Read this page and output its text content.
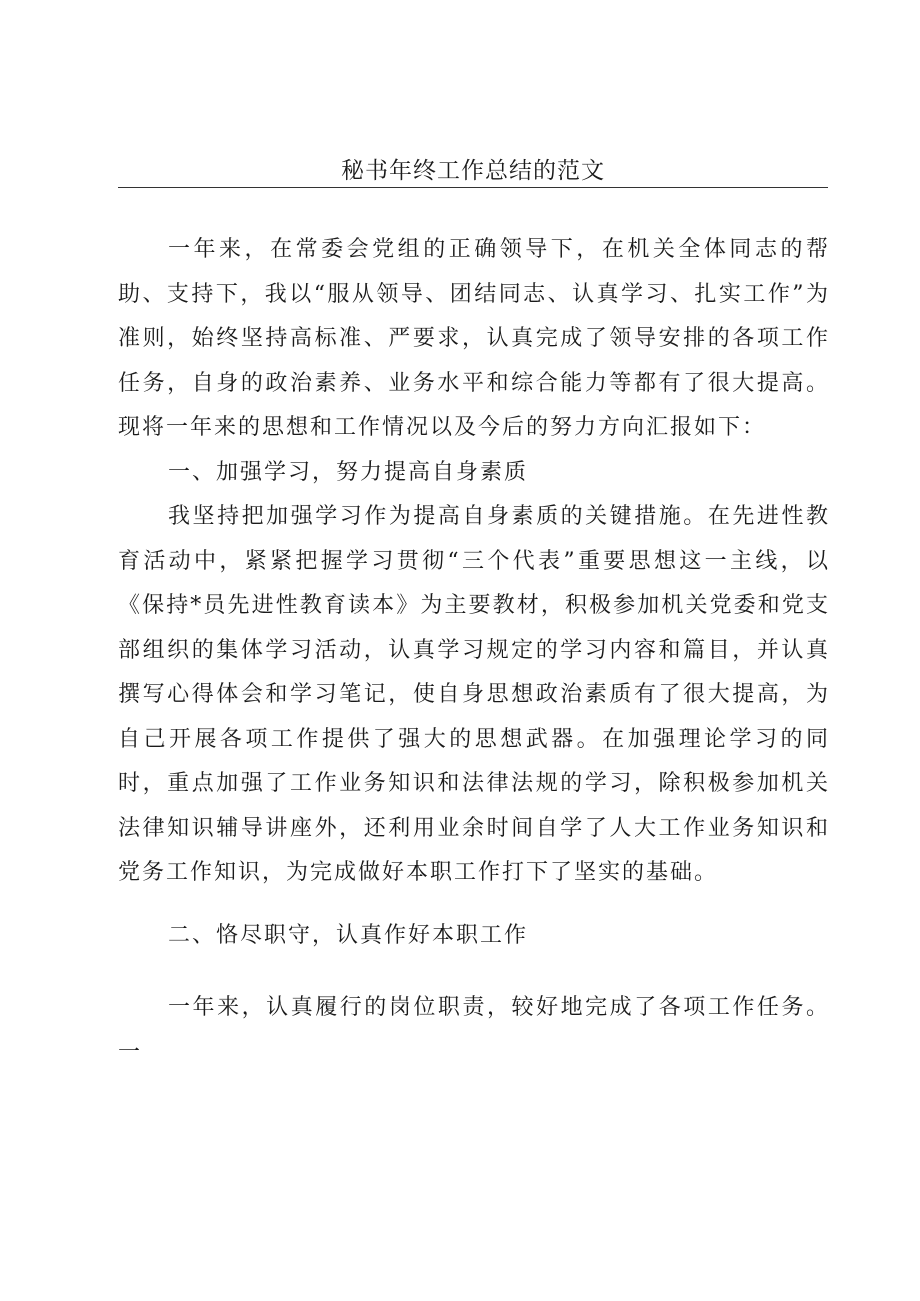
秘书年终工作总结的范文

一年来，在常委会党组的正确领导下，在机关全体同志的帮助、支持下，我以“服从领导、团结同志、认真学习、扎实工作”为准则，始终坚持高标准、严要求，认真完成了领导安排的各项工作任务，自身的政治素养、业务水平和综合能力等都有了很大提高。现将一年来的思想和工作情况以及今后的努力方向汇报如下：

一、加强学习，努力提高自身素质

我坚持把加强学习作为提高自身素质的关键措施。在先进性教育活动中，紧紧把握学习贯彻“三个代表”重要思想这一主线，以《保持*员先进性教育读本》为主要教材，积极参加机关党委和党支部组织的集体学习活动，认真学习规定的学习内容和篇目，并认真撰写心得体会和学习笔记，使自身思想政治素质有了很大提高，为自己开展各项工作提供了强大的思想武器。在加强理论学习的同时，重点加强了工作业务知识和法律法规的学习，除积极参加机关法律知识辅导讲座外，还利用业余时间自学了人大工作业务知识和党务工作知识，为完成做好本职工作打下了坚实的基础。

二、恪尽职守，认真作好本职工作

一年来，认真履行的岗位职责，较好地完成了各项工作任务。一
